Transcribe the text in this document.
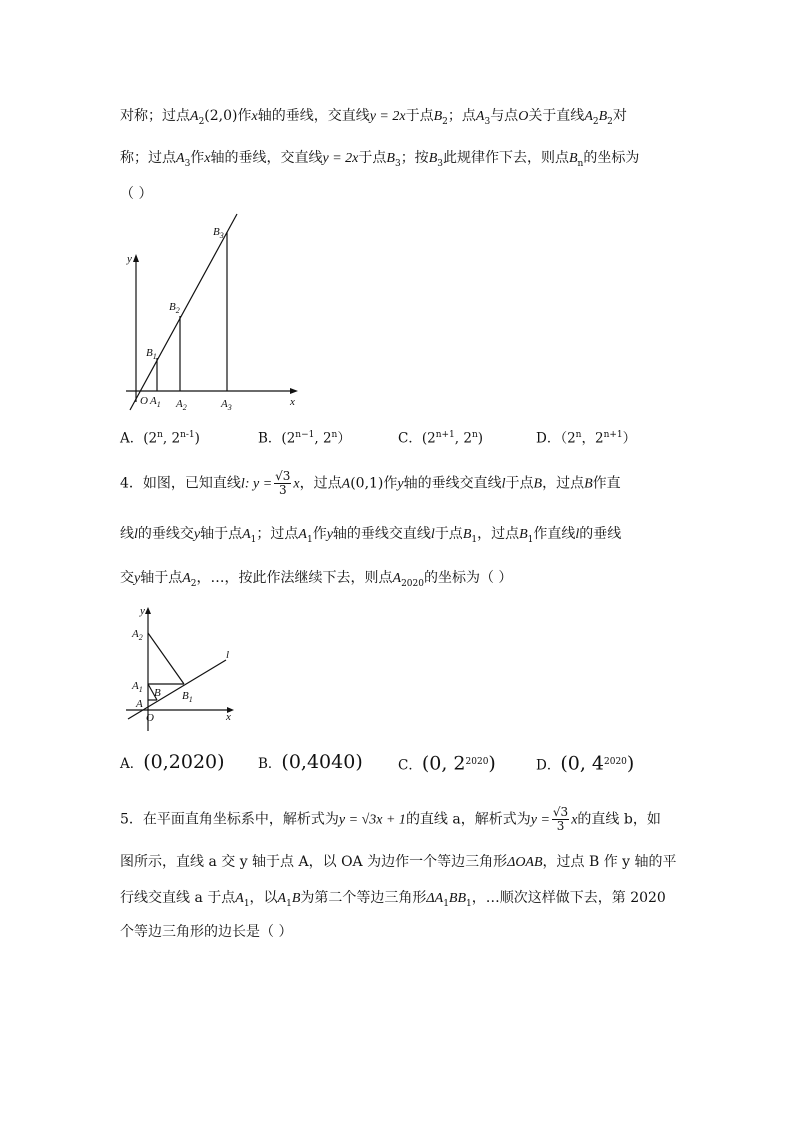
对称；过点$A_2(2,0)$作x轴的垂线，交直线y = 2x于点$B_2$；点$A_3$与点O关于直线$A_2B_2$对
称；过点$A_3$作x轴的垂线，交直线y = 2x于点$B_3$；按$B_3$此规律作下去，则点$B_n$的坐标为
（ ）
y
x
O $A_1$ $A_2$	$A_3$
$B_1$
$B_2$
$B_3$
A．(2$^n$, 2$^{n-1}$)	B．($2^{n-1}$, 2$^n$）	C．($2^{n+1}$, 2$^n$)	D．（2$^n$，$2^{n+1}$）
4．如图，已知直线l: $y = \frac{√3}{3}$ x，过点A(0,1)作y轴的垂线交直线l于点B，过点B作直
线l的垂线交y轴于点$A_1$；过点$A_1$作y轴的垂线交直线l于点$B_1$，过点$B_1$作直线l的垂线
交y轴于点$A_2$，…，按此作法继续下去，则点$A_{2020}$的坐标为（ ）
y
x
O
l
A
B
$A_1$
$A_2$
$B_1$
A．(0,2020) B．(0,4040)	C．(0, $2^{2020}$)	D．(0, $4^{2020}$)
5．在平面直角坐标系中，解析式为y = √3x + 1的直线 a，解析式为$y = \frac{√3}{3}$ x的直线 b，如
图所示，直线 a 交 y 轴于点 A，以 OA 为边作一个等边三角形ΔOAB，过点 B 作 y 轴的平
行线交直线 a 于点$A_1$，以$A_1B$为第二个等边三角形$\Delta A_1BB_1$，…顺次这样做下去，第 2020
个等边三角形的边长是（ ）
